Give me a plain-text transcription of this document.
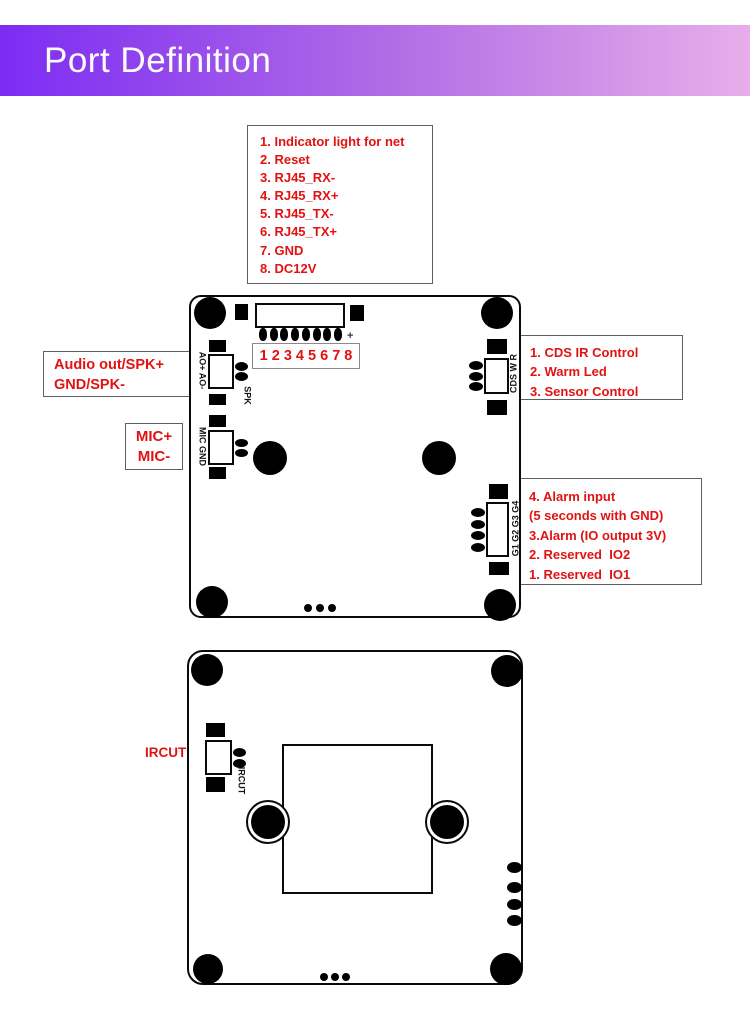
Port Definition
1. Indicator light for net
2. Reset
3. RJ45_RX-
4. RJ45_RX+
5. RJ45_TX-
6. RJ45_TX+
7. GND
8. DC12V
Audio out/SPK+
GND/SPK-
MIC+
MIC-
1. CDS IR Control
2. Warm Led
3. Sensor Control
4. Alarm input
(5 seconds with GND)
3.Alarm (IO output 3V)
2. Reserved  IO2
1. Reserved  IO1
IRCUT
+
1 2 3 4 5 6 7 8
AO+ AO-
SPK
MIC GND
CDS W R
G1 G2 G3 G4
IRCUT
